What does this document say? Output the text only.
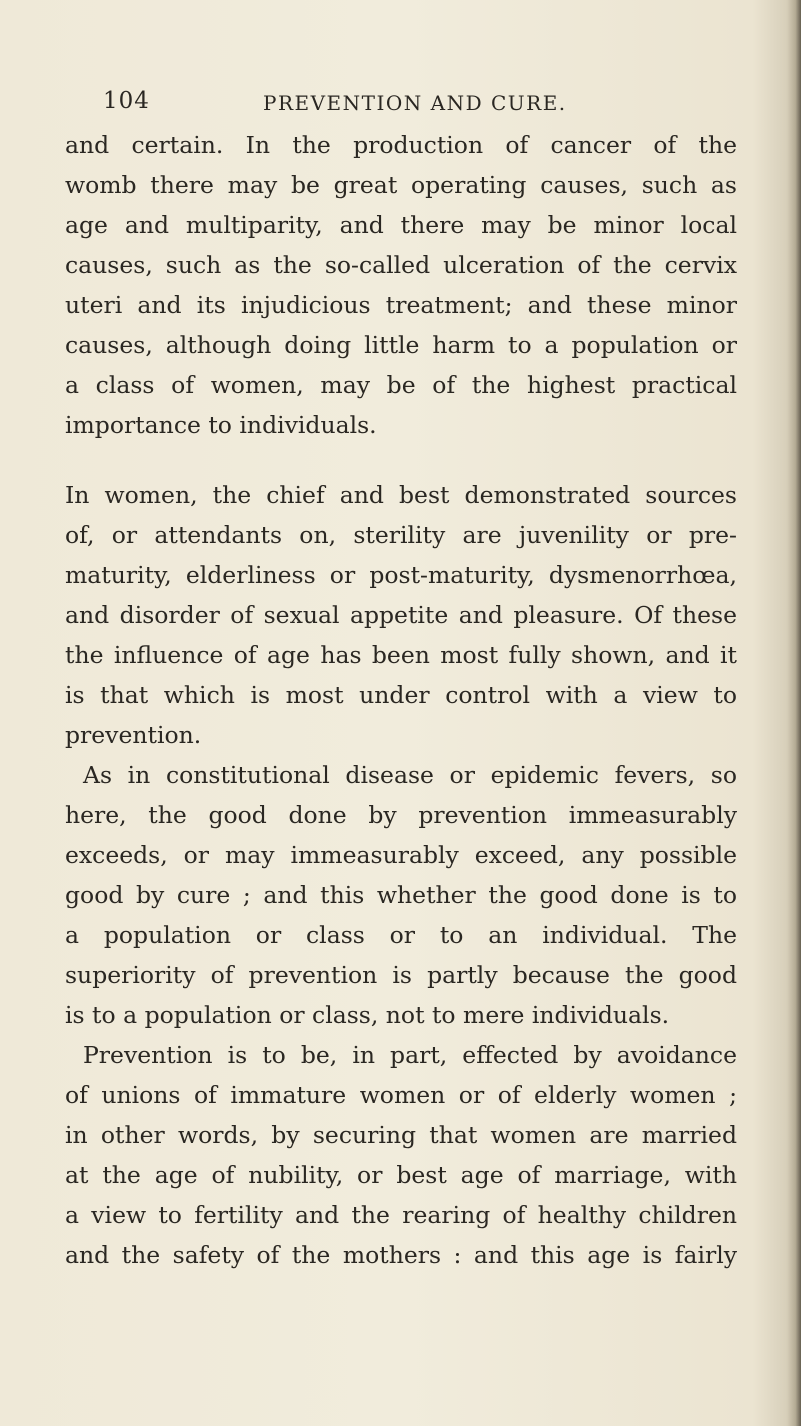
104	PREVENTION AND CURE.
and certain. In the production of cancer of the
womb there may be great operating causes, such as
age and multiparity, and there may be minor local
causes, such as the so-called ulceration of the cervix
uteri and its injudicious treatment; and these minor
causes, although doing little harm to a population or
a class of women, may be of the highest practical
importance to individuals.
In women, the chief and best demonstrated sources
of, or attendants on, sterility are juvenility or pre-
maturity, elderliness or post-maturity, dysmenorrhœa,
and disorder of sexual appetite and pleasure. Of these
the influence of age has been most fully shown, and it
is that which is most under control with a view to
prevention.
As in constitutional disease or epidemic fevers, so
here, the good done by prevention immeasurably
exceeds, or may immeasurably exceed, any possible
good by cure ; and this whether the good done is to
a population or class or to an individual. The
superiority of prevention is partly because the good
is to a population or class, not to mere individuals.
Prevention is to be, in part, effected by avoidance
of unions of immature women or of elderly women ;
in other words, by securing that women are married
at the age of nubility, or best age of marriage, with
a view to fertility and the rearing of healthy children
and the safety of the mothers : and this age is fairly
